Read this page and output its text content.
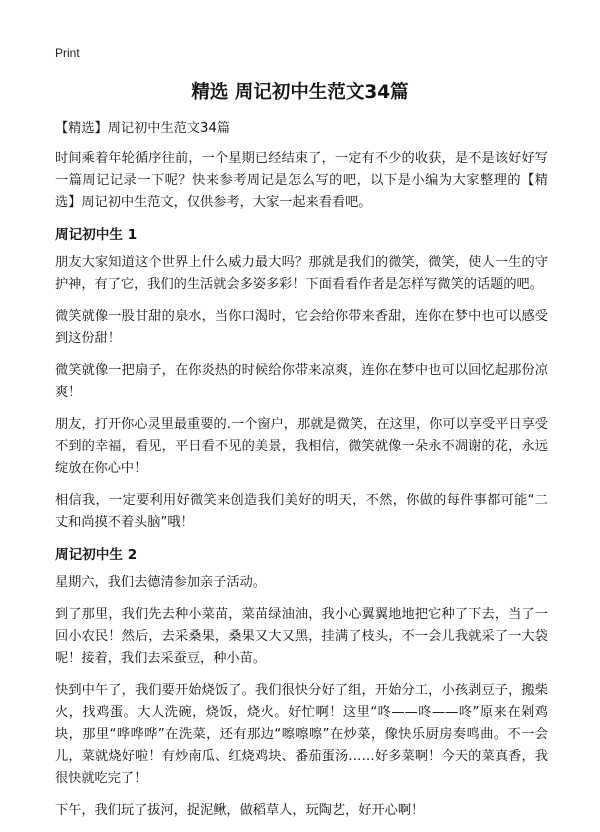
Print
精选 周记初中生范文34篇

【精选】周记初中生范文34篇

时间乘着年轮循序往前，一个星期已经结束了，一定有不少的收获，是不是该好好写一篇周记记录一下呢？快来参考周记是怎么写的吧，以下是小编为大家整理的【精选】周记初中生范文，仅供参考，大家一起来看看吧。

周记初中生 1

朋友大家知道这个世界上什么威力最大吗？那就是我们的微笑，微笑，使人一生的守护神，有了它，我们的生活就会多姿多彩！下面看看作者是怎样写微笑的话题的吧。

微笑就像一股甘甜的泉水，当你口渴时，它会给你带来香甜，连你在梦中也可以感受到这份甜！

微笑就像一把扇子，在你炎热的时候给你带来凉爽，连你在梦中也可以回忆起那份凉爽！

朋友，打开你心灵里最重要的.一个窗户，那就是微笑，在这里，你可以享受平日享受不到的幸福，看见，平日看不见的美景，我相信，微笑就像一朵永不凋谢的花，永远绽放在你心中！

相信我，一定要利用好微笑来创造我们美好的明天，不然，你做的每件事都可能“二丈和尚摸不着头脑”哦！

周记初中生 2

星期六，我们去德清参加亲子活动。

到了那里，我们先去种小菜苗，菜苗绿油油，我小心翼翼地地把它种了下去，当了一回小农民！然后，去采桑果，桑果又大又黑，挂满了枝头，不一会儿我就采了一大袋呢！接着，我们去采蚕豆，种小苗。

快到中午了，我们要开始烧饭了。我们很快分好了组，开始分工，小孩剥豆子，搬柴火，找鸡蛋。大人洗碗，烧饭，烧火。好忙啊！这里“咚——咚——咚”原来在剁鸡块，那里“哗哗哗”在洗菜，还有那边“嚓嚓嚓”在炒菜，像快乐厨房奏鸣曲。不一会儿，菜就烧好啦！有炒南瓜、红烧鸡块、番茄蛋汤……好多菜啊！今天的菜真香，我很快就吃完了！

下午，我们玩了拔河，捉泥鳅，做稻草人，玩陶艺，好开心啊！
